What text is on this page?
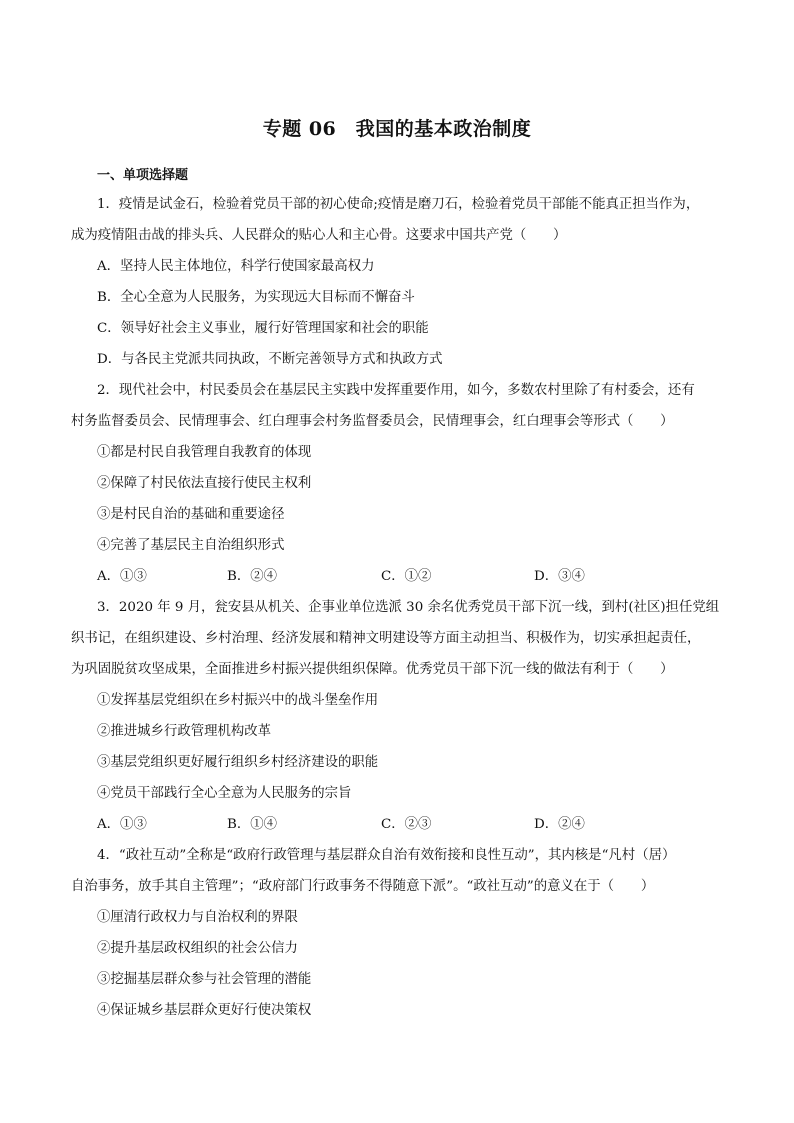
专题 06　我国的基本政治制度
一、单项选择题
1．疫情是试金石，检验着党员干部的初心使命;疫情是磨刀石，检验着党员干部能不能真正担当作为，
成为疫情阻击战的排头兵、人民群众的贴心人和主心骨。这要求中国共产党（　　）
A．坚持人民主体地位，科学行使国家最高权力
B．全心全意为人民服务，为实现远大目标而不懈奋斗
C．领导好社会主义事业，履行好管理国家和社会的职能
D．与各民主党派共同执政，不断完善领导方式和执政方式
2．现代社会中，村民委员会在基层民主实践中发挥重要作用，如今，多数农村里除了有村委会，还有
村务监督委员会、民情理事会、红白理事会村务监督委员会，民情理事会，红白理事会等形式（　　）
①都是村民自我管理自我教育的体现
②保障了村民依法直接行使民主权利
③是村民自治的基础和重要途径
④完善了基层民主自治组织形式
A．①③	B．②④	C．①②	D．③④
3．2020 年 9 月，瓮安县从机关、企事业单位选派 30 余名优秀党员干部下沉一线，到村(社区)担任党组
织书记，在组织建设、乡村治理、经济发展和精神文明建设等方面主动担当、积极作为，切实承担起责任，
为巩固脱贫攻坚成果，全面推进乡村振兴提供组织保障。优秀党员干部下沉一线的做法有利于（　　）
①发挥基层党组织在乡村振兴中的战斗堡垒作用
②推进城乡行政管理机构改革
③基层党组织更好履行组织乡村经济建设的职能
④党员干部践行全心全意为人民服务的宗旨
A．①③	B．①④	C．②③	D．②④
4．“政社互动”全称是“政府行政管理与基层群众自治有效衔接和良性互动”，其内核是“凡村（居）
自治事务，放手其自主管理”；“政府部门行政事务不得随意下派”。“政社互动”的意义在于（　　）
①厘清行政权力与自治权利的界限
②提升基层政权组织的社会公信力
③挖掘基层群众参与社会管理的潜能
④保证城乡基层群众更好行使决策权
